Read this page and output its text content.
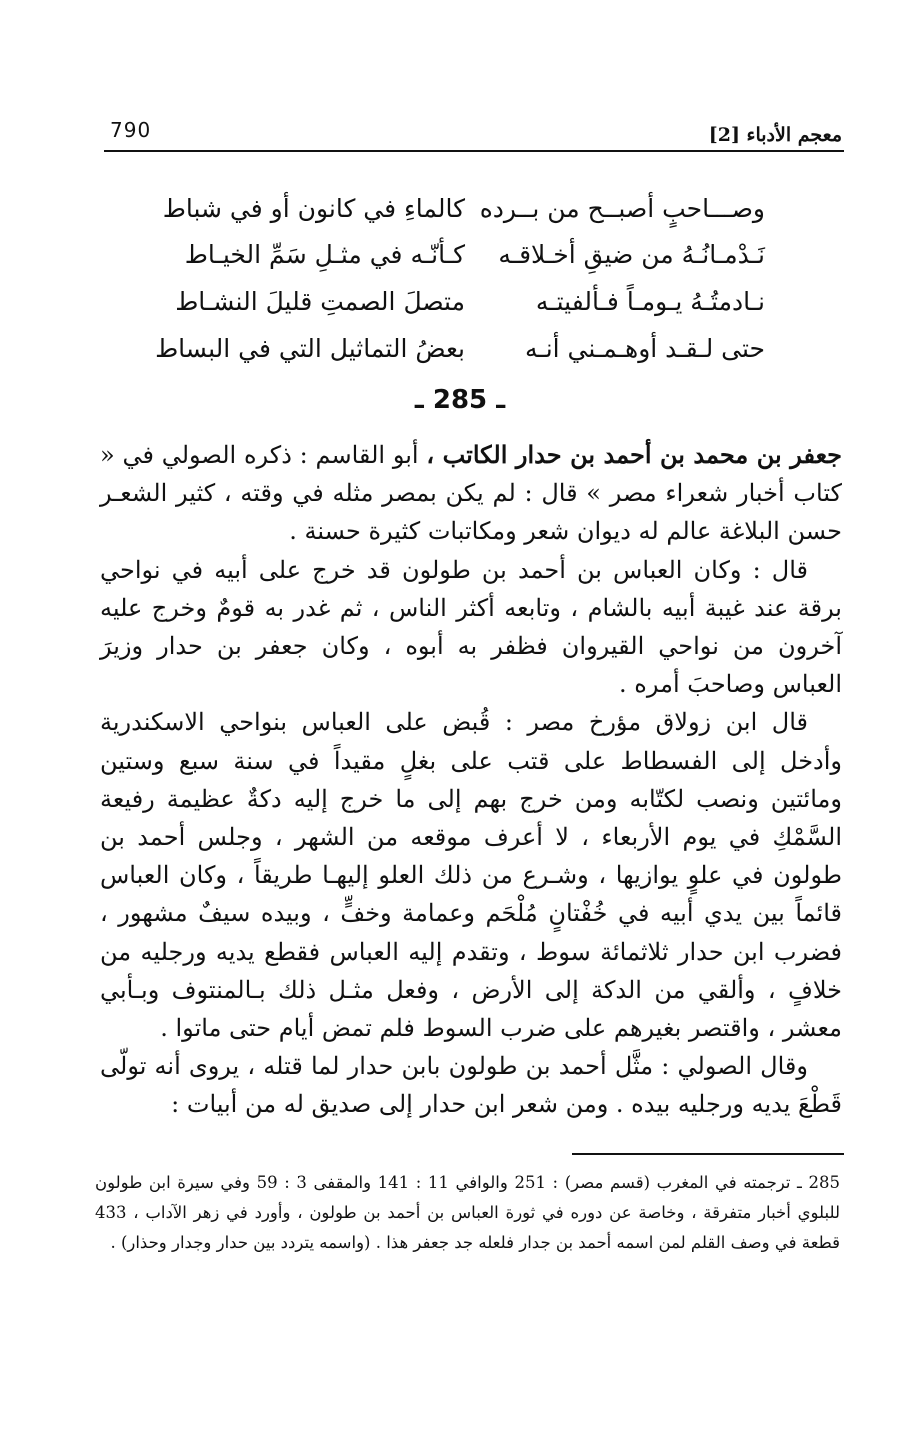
معجم الأدباء [2]
790
وصـــاحبٍ أصبــح من بــرده
كالماءِ في كانون أو في شباط
نَـدْمـانُـهُ من ضيقِ أخـلاقـه
كـأنّـه في مثـلِ سَمِّ الخيـاط
نـادمتُـهُ يـومـاً فـألفيتـه
متصلَ الصمتِ قليلَ النشـاط
حتى لـقـد أوهـمـني أنـه
بعضُ التماثيل التي في البساط
ـ 285 ـ

جعفر بن محمد بن أحمد بن حدار الكاتب ، أبو القاسم : ذكره الصولي في « كتاب أخبار شعراء مصر » قال : لم يكن بمصر مثله في وقته ، كثير الشعـر حسن البلاغة عالم له ديوان شعر ومكاتبات كثيرة حسنة .

قال : وكان العباس بن أحمد بن طولون قد خرج على أبيه في نواحي برقة عند غيبة أبيه بالشام ، وتابعه أكثر الناس ، ثم غدر به قومٌ وخرج عليه آخرون من نواحي القيروان فظفر به أبوه ، وكان جعفر بن حدار وزيرَ العباس وصاحبَ أمره .

قال ابن زولاق مؤرخ مصر : قُبض على العباس بنواحي الاسكندرية وأدخل إلى الفسطاط على قتب على بغلٍ مقيداً في سنة سبع وستين ومائتين ونصب لكتّابه ومن خرج بهم إلى ما خرج إليه دكةٌ عظيمة رفيعة السَّمْكِ في يوم الأربعاء ، لا أعرف موقعه من الشهر ، وجلس أحمد بن طولون في علوٍ يوازيها ، وشـرع من ذلك العلو إليهـا طريقاً ، وكان العباس قائماً بين يدي أبيه في خُفْتانٍ مُلْحَم وعمامة وخفٍّ ، وبيده سيفٌ مشهور ، فضرب ابن حدار ثلاثمائة سوط ، وتقدم إليه العباس فقطع يديه ورجليه من خلافٍ ، وألقي من الدكة إلى الأرض ، وفعل مثـل ذلك بـالمنتوف وبـأبي معشر ، واقتصر بغيرهم على ضرب السوط فلم تمض أيام حتى ماتوا .

وقال الصولي : مثَّل أحمد بن طولون بابن حدار لما قتله ، يروى أنه تولّى قَطْعَ يديه ورجليه بيده . ومن شعر ابن حدار إلى صديق له من أبيات :

285 ـ ترجمته في المغرب (قسم مصر) : 251 والوافي 11 : 141 والمقفى 3 : 59 وفي سيرة ابن طولون للبلوي أخبار متفرقة ، وخاصة عن دوره في ثورة العباس بن أحمد بن طولون ، وأورد في زهر الآداب ، 433 قطعة في وصف القلم لمن اسمه أحمد بن جدار فلعله جد جعفر هذا . (واسمه يتردد بين حدار وجدار وحذار) .
